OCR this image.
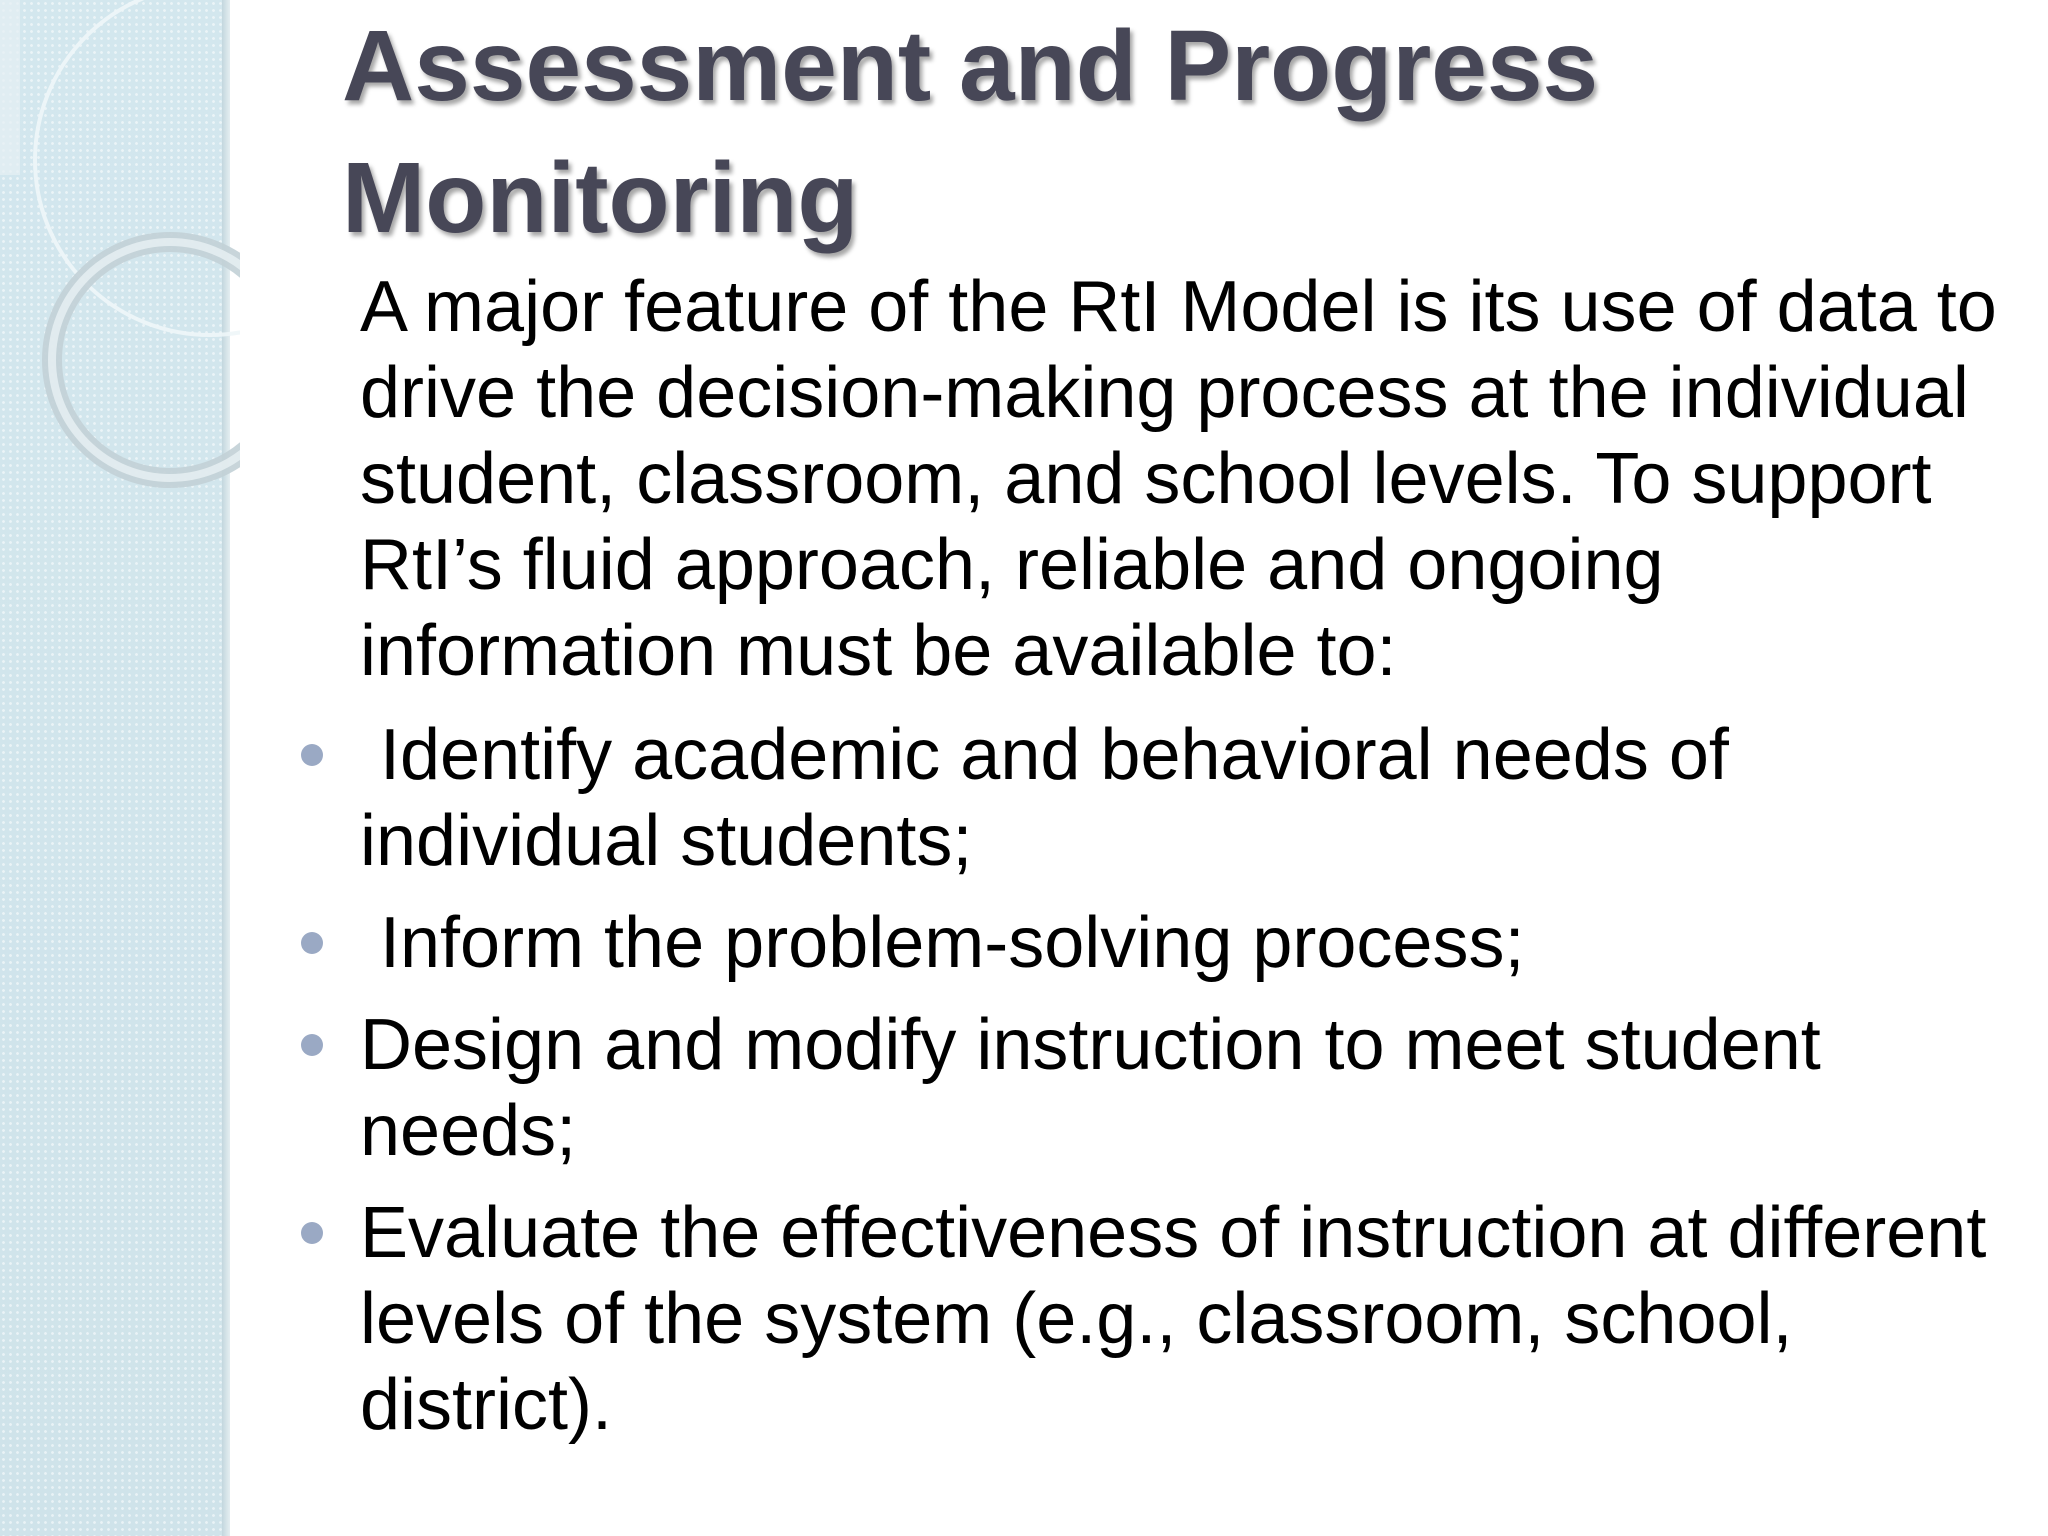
Assessment and Progress Monitoring

A major feature of the RtI Model is its use of data to drive the decision-making process at the individual student, classroom, and school levels. To support RtI’s fluid approach, reliable and ongoing information must be available to:

Identify academic and behavioral needs of individual students;
Inform the problem-solving process;
Design and modify instruction to meet student needs;
Evaluate the effectiveness of instruction at different levels of the system (e.g., classroom, school, district).
